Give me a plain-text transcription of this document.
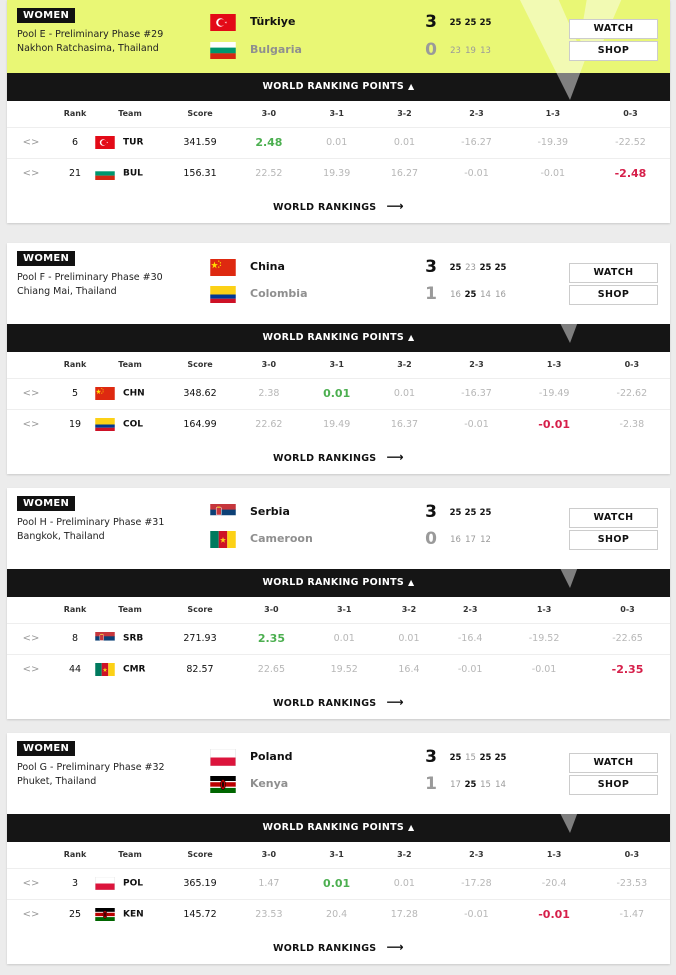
WOMEN
Pool E - Preliminary Phase #29
Nakhon Ratchasima, Thailand
Türkiye	3 25 25 25
Bulgaria	0 23 19 13
WATCH
SHOP
WORLD RANKING POINTS ▲
	Rank	Team	Score	3-0	3-1	3-2	2-3	1-3	0-3
<>	6	TUR	341.59	2.48	0.01	0.01	-16.27	-19.39	-22.52
<>	21	BUL	156.31	22.52	19.39	16.27	-0.01	-0.01	-2.48
WORLD RANKINGS ⟶
WOMEN
Pool F - Preliminary Phase #30
Chiang Mai, Thailand
China	3 25 23 25 25
Colombia	1 16 25 14 16
WATCH
SHOP
WORLD RANKING POINTS ▲
	Rank	Team	Score	3-0	3-1	3-2	2-3	1-3	0-3
<>	5	CHN	348.62	2.38	0.01	0.01	-16.37	-19.49	-22.62
<>	19	COL	164.99	22.62	19.49	16.37	-0.01	-0.01	-2.38
WORLD RANKINGS ⟶
WOMEN
Pool H - Preliminary Phase #31
Bangkok, Thailand
Serbia	3 25 25 25
Cameroon	0 16 17 12
WATCH
SHOP
WORLD RANKING POINTS ▲
	Rank	Team	Score	3-0	3-1	3-2	2-3	1-3	0-3
<>	8	SRB	271.93	2.35	0.01	0.01	-16.4	-19.52	-22.65
<>	44	CMR	82.57	22.65	19.52	16.4	-0.01	-0.01	-2.35
WORLD RANKINGS ⟶
WOMEN
Pool G - Preliminary Phase #32
Phuket, Thailand
Poland	3 25 15 25 25
Kenya	1 17 25 15 14
WATCH
SHOP
WORLD RANKING POINTS ▲
	Rank	Team	Score	3-0	3-1	3-2	2-3	1-3	0-3
<>	3	POL	365.19	1.47	0.01	0.01	-17.28	-20.4	-23.53
<>	25	KEN	145.72	23.53	20.4	17.28	-0.01	-0.01	-1.47
WORLD RANKINGS ⟶
